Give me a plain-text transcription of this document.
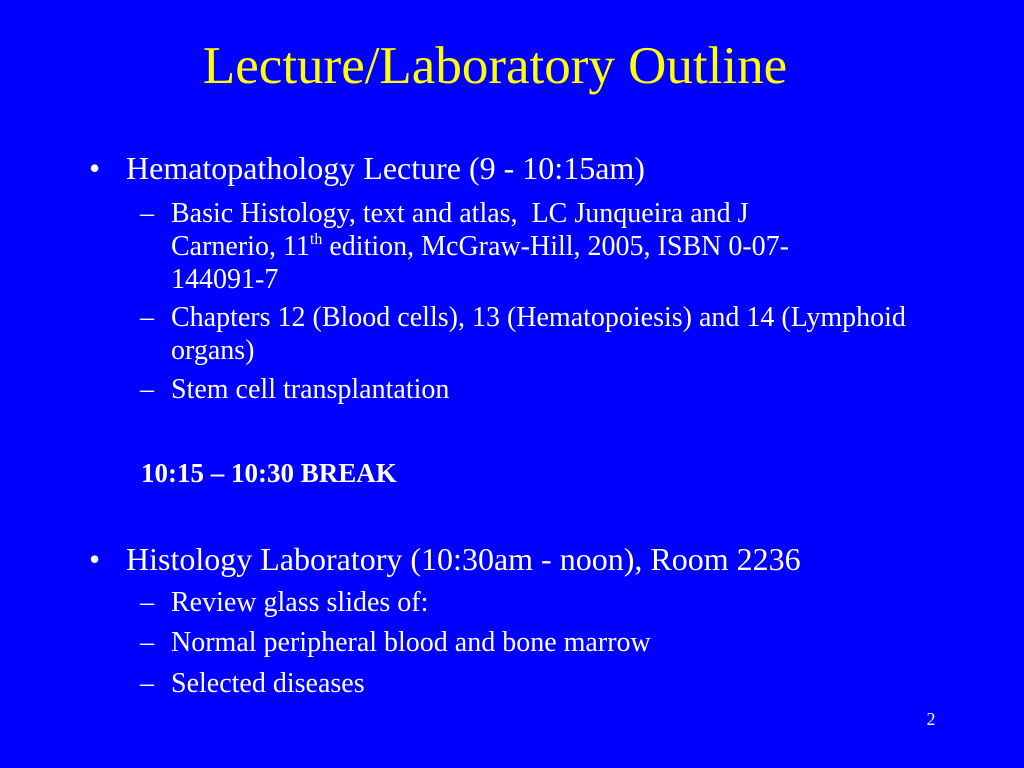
Lecture/Laboratory Outline
• Hematopathology Lecture (9 - 10:15am)
– Basic Histology, text and atlas,  LC Junqueira and J
Carnerio, 11th edition, McGraw-Hill, 2005, ISBN 0-07-
144091-7
– Chapters 12 (Blood cells), 13 (Hematopoiesis) and 14 (Lymphoid organs)
– Stem cell transplantation
10:15 – 10:30 BREAK
• Histology Laboratory (10:30am - noon), Room 2236
– Review glass slides of:
– Normal peripheral blood and bone marrow
– Selected diseases
2
